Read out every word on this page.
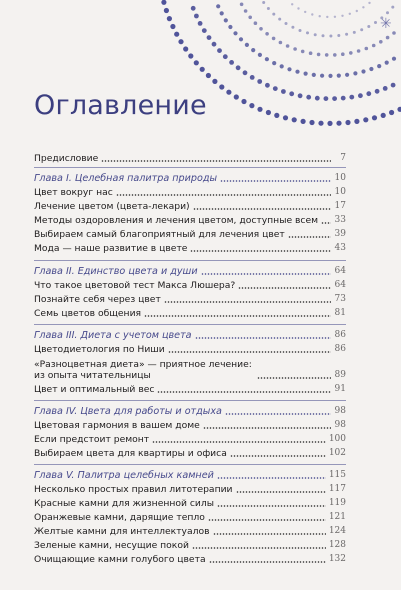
✳
Оглавление
Предисловие	7
Глава I. Целебная палитра природы	10
Цвет вокруг нас	10
Лечение цветом (цвета-лекари)	17
Методы оздоровления и лечения цветом, доступные всем 33
Выбираем самый благоприятный для лечения цвет	39
Мода — наше развитие в цвете	43
Глава II. Единство цвета и души	64
Что такое цветовой тест Макса Люшера?	64
Познайте себя через цвет	73
Семь цветов общения	81
Глава III. Диета с учетом цвета	86
Цветодиетология по Ниши	86
«Разноцветная диета» — приятное лечение: из опыта читательницы	89
Цвет и оптимальный вес	91
Глава IV. Цвета для работы и отдыха	98
Цветовая гармония в вашем доме	98
Если предстоит ремонт	100
Выбираем цвета для квартиры и офиса	102
Глава V. Палитра целебных камней	115
Несколько простых правил литотерапии	117
Красные камни для жизненной силы	119
Оранжевые камни, дарящие тепло	121
Желтые камни для интеллектуалов	124
Зеленые камни, несущие покой	128
Очищающие камни голубого цвета	132
